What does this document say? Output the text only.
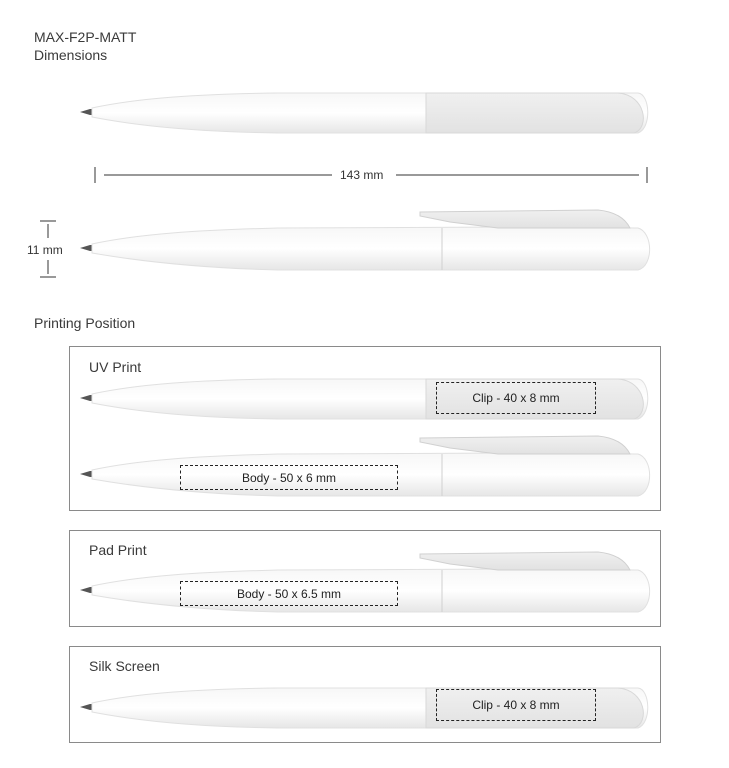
MAX-F2P-MATT
Dimensions
143 mm
11 mm
Printing Position
UV Print
Clip - 40 x 8 mm
Body - 50 x 6 mm
Pad Print
Body - 50 x 6.5 mm
Silk Screen
Clip - 40 x 8 mm
